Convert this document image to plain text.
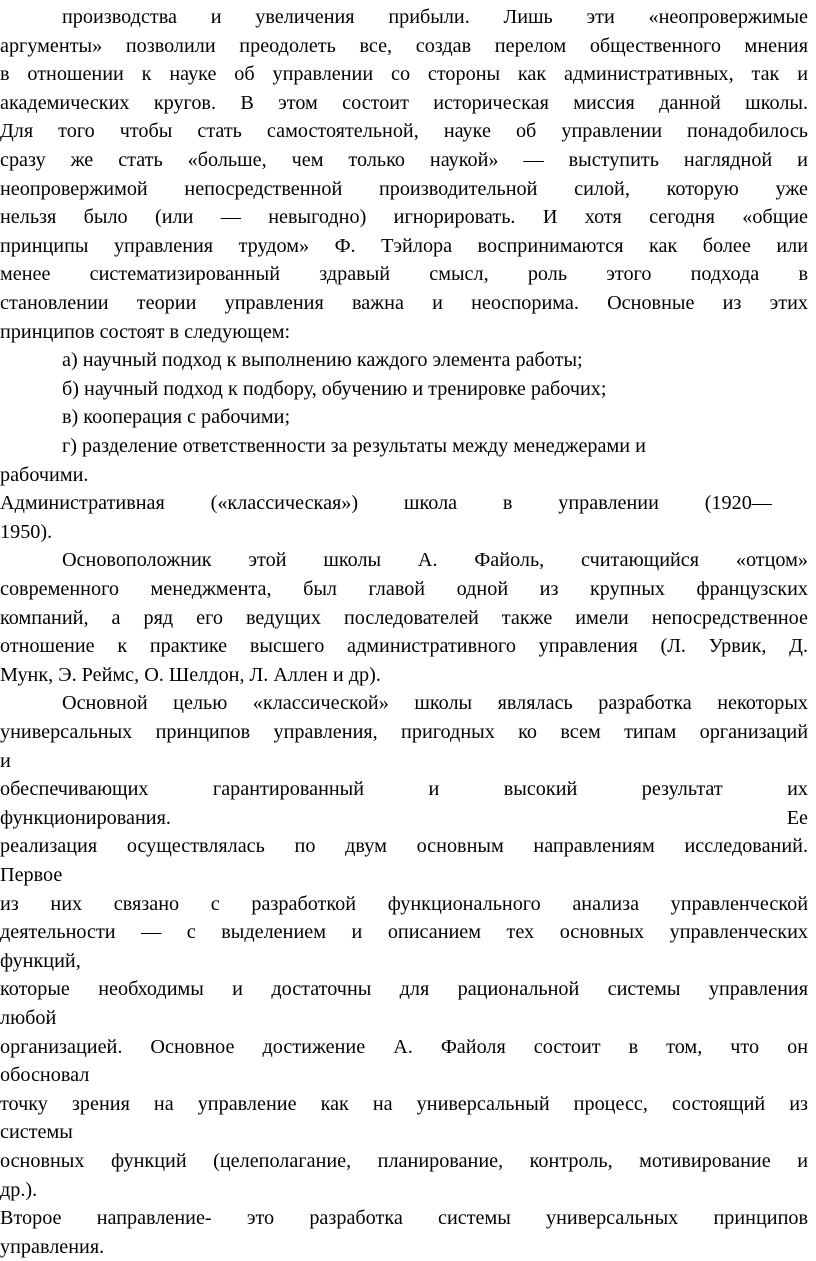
производства и увеличения прибыли. Лишь эти «неопровержимые
аргументы» позволили преодолеть все, создав перелом общественного мнения
в отношении к науке об управлении со стороны как административных, так и
академических кругов. В этом состоит историческая миссия данной школы.
Для того чтобы стать самостоятельной, науке об управлении понадобилось
сразу же стать «больше, чем только наукой» — выступить наглядной и
неопровержимой непосредственной производительной силой, которую уже
нельзя было (или — невыгодно) игнорировать. И хотя сегодня «общие
принципы управления трудом» Ф. Тэйлора воспринимаются как более или
менее систематизированный здравый смысл, роль этого подхода в
становлении теории управления важна и неоспорима. Основные из этих
принципов состоят в следующем:
а) научный подход к выполнению каждого элемента работы;
б) научный подход к подбору, обучению и тренировке рабочих;
в) кооперация с рабочими;
г) разделение ответственности за результаты между менеджерами и
рабочими.
Административная («классическая») школа в управлении (1920—
1950).
Основоположник этой школы А. Файоль, считающийся «отцом»
современного менеджмента, был главой одной из крупных французских
компаний, а ряд его ведущих последователей также имели непосредственное
отношение к практике высшего административного управления (Л. Урвик, Д.
Мунк, Э. Реймс, О. Шелдон, Л. Аллен и др).
Основной целью «классической» школы являлась разработка некоторых
универсальных принципов управления, пригодных ко всем типам организаций
и
обеспечивающих гарантированный и высокий результат их
функционирования. Ее
реализация осуществлялась по двум основным направлениям исследований.
Первое
из них связано с разработкой функционального анализа управленческой
деятельности — с выделением и описанием тех основных управленческих
функций,
которые необходимы и достаточны для рациональной системы управления
любой
организацией. Основное достижение А. Файоля состоит в том, что он
обосновал
точку зрения на управление как на универсальный процесс, состоящий из
системы
основных функций (целеполагание, планирование, контроль, мотивирование и
др.).
Второе направление- это разработка системы универсальных принципов
управления.
